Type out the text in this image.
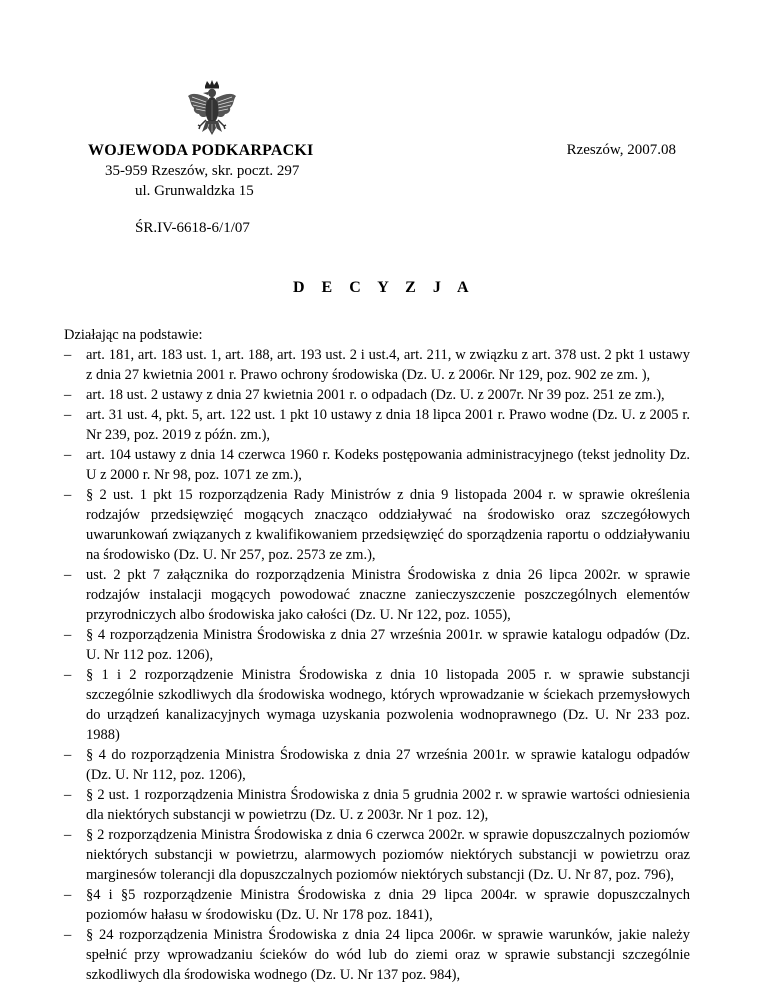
WOJEWODA PODKARPACKI	Rzeszów, 2007.08
35-959 Rzeszów, skr. poczt. 297
ul. Grunwaldzka 15
ŚR.IV-6618-6/1/07
D E C Y Z J A

Działając na podstawie:

– art. 181, art. 183 ust. 1, art. 188, art. 193 ust. 2 i ust.4, art. 211, w związku z art. 378 ust. 2 pkt 1 ustawy z dnia 27 kwietnia 2001 r. Prawo ochrony środowiska (Dz. U. z 2006r. Nr 129, poz. 902 ze zm. ),
– art. 18 ust. 2 ustawy z dnia 27 kwietnia 2001 r. o odpadach (Dz. U. z 2007r. Nr 39 poz. 251 ze zm.),
– art. 31 ust. 4, pkt. 5, art. 122 ust. 1 pkt 10 ustawy z dnia 18 lipca 2001 r. Prawo wodne (Dz. U. z 2005 r. Nr 239, poz. 2019 z późn. zm.),
– art. 104 ustawy z dnia 14 czerwca 1960 r. Kodeks postępowania administracyjnego (tekst jednolity Dz. U z 2000 r. Nr 98, poz. 1071 ze zm.),
– § 2 ust. 1 pkt 15 rozporządzenia Rady Ministrów z dnia 9 listopada 2004 r. w sprawie określenia rodzajów przedsięwzięć mogących znacząco oddziaływać na środowisko oraz szczegółowych uwarunkowań związanych z kwalifikowaniem przedsięwzięć do sporządzenia raportu o oddziaływaniu na środowisko (Dz. U. Nr 257, poz. 2573 ze zm.),
– ust. 2 pkt 7 załącznika do rozporządzenia Ministra Środowiska z dnia 26 lipca 2002r. w sprawie rodzajów instalacji mogących powodować znaczne zanieczyszczenie poszczególnych elementów przyrodniczych albo środowiska jako całości (Dz. U. Nr 122, poz. 1055),
– § 4 rozporządzenia Ministra Środowiska z dnia 27 września 2001r. w sprawie katalogu odpadów (Dz. U. Nr 112 poz. 1206),
– § 1 i 2 rozporządzenie Ministra Środowiska z dnia 10 listopada 2005 r. w sprawie substancji szczególnie szkodliwych dla środowiska wodnego, których wprowadzanie w ściekach przemysłowych do urządzeń kanalizacyjnych wymaga uzyskania pozwolenia wodnoprawnego (Dz. U. Nr 233 poz. 1988)
– § 4 do rozporządzenia Ministra Środowiska z dnia 27 września 2001r. w sprawie katalogu odpadów (Dz. U. Nr 112, poz. 1206),
– § 2 ust. 1 rozporządzenia Ministra Środowiska z dnia 5 grudnia 2002 r. w sprawie wartości odniesienia dla niektórych substancji w powietrzu (Dz. U. z 2003r. Nr 1 poz. 12),
– § 2 rozporządzenia Ministra Środowiska z dnia 6 czerwca 2002r. w sprawie dopuszczalnych poziomów niektórych substancji w powietrzu, alarmowych poziomów niektórych substancji w powietrzu oraz marginesów tolerancji dla dopuszczalnych poziomów niektórych substancji (Dz. U. Nr 87, poz. 796),
– §4 i §5 rozporządzenie Ministra Środowiska z dnia 29 lipca 2004r. w sprawie dopuszczalnych poziomów hałasu w środowisku (Dz. U. Nr 178 poz. 1841),
– § 24 rozporządzenia Ministra Środowiska z dnia 24 lipca 2006r. w sprawie warunków, jakie należy spełnić przy wprowadzaniu ścieków do wód lub do ziemi oraz w sprawie substancji szczególnie szkodliwych dla środowiska wodnego (Dz. U. Nr 137 poz. 984),
